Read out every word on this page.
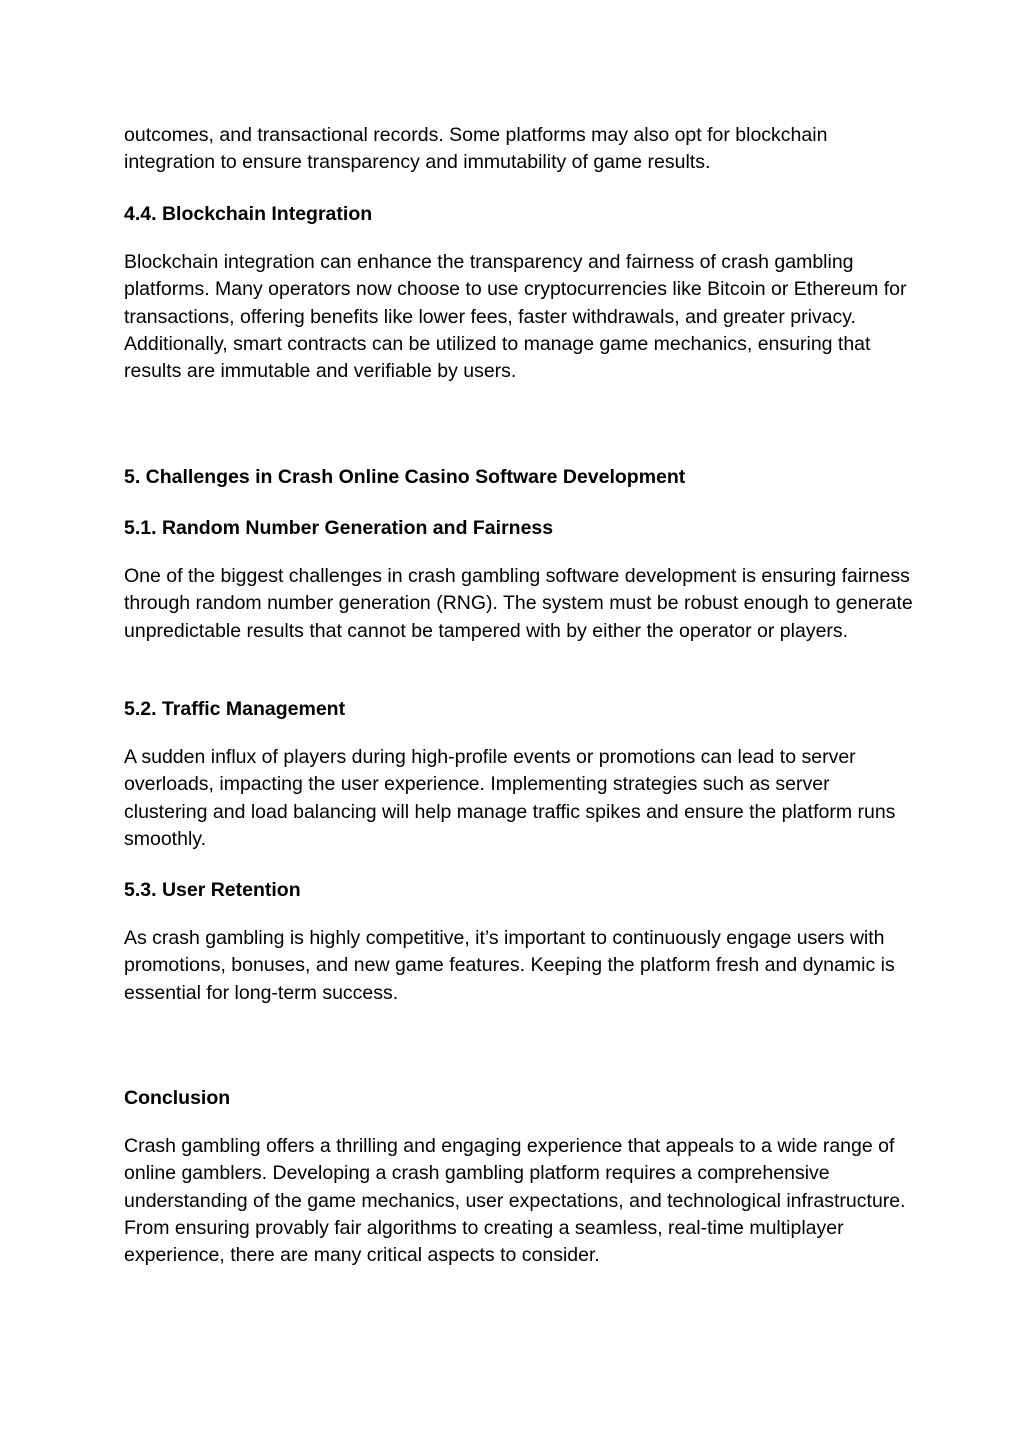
outcomes, and transactional records. Some platforms may also opt for blockchain integration to ensure transparency and immutability of game results.

4.4. Blockchain Integration

Blockchain integration can enhance the transparency and fairness of crash gambling platforms. Many operators now choose to use cryptocurrencies like Bitcoin or Ethereum for transactions, offering benefits like lower fees, faster withdrawals, and greater privacy. Additionally, smart contracts can be utilized to manage game mechanics, ensuring that results are immutable and verifiable by users.

5. Challenges in Crash Online Casino Software Development

5.1. Random Number Generation and Fairness

One of the biggest challenges in crash gambling software development is ensuring fairness through random number generation (RNG). The system must be robust enough to generate unpredictable results that cannot be tampered with by either the operator or players.

5.2. Traffic Management

A sudden influx of players during high-profile events or promotions can lead to server overloads, impacting the user experience. Implementing strategies such as server clustering and load balancing will help manage traffic spikes and ensure the platform runs smoothly.

5.3. User Retention

As crash gambling is highly competitive, it’s important to continuously engage users with promotions, bonuses, and new game features. Keeping the platform fresh and dynamic is essential for long-term success.

Conclusion

Crash gambling offers a thrilling and engaging experience that appeals to a wide range of online gamblers. Developing a crash gambling platform requires a comprehensive understanding of the game mechanics, user expectations, and technological infrastructure. From ensuring provably fair algorithms to creating a seamless, real-time multiplayer experience, there are many critical aspects to consider.
